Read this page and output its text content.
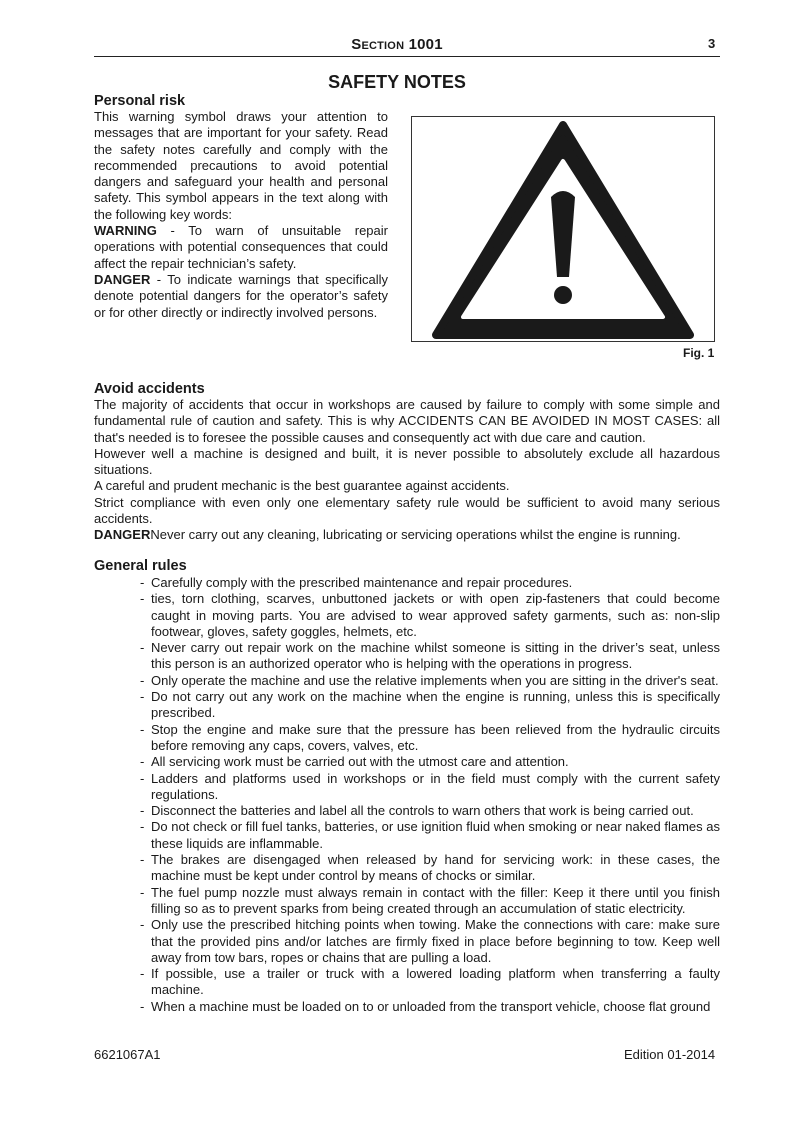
Section 1001	3
SAFETY NOTES
Personal risk

This warning symbol draws your attention to messages that are important for your safety. Read the safety notes carefully and comply with the recommended precautions to avoid potential dangers and safeguard your health and personal safety. This symbol appears in the text along with the following key words:

WARNING - To warn of unsuitable repair operations with potential consequences that could affect the repair technician’s safety.

DANGER - To indicate warnings that specifically denote potential dangers for the operator’s safety or for other directly or indirectly involved persons.

Fig. 1
Avoid accidents

The majority of accidents that occur in workshops are caused by failure to comply with some simple and fundamental rule of caution and safety. This is why ACCIDENTS CAN BE AVOIDED IN MOST CASES: all that's needed is to foresee the possible causes and consequently act with due care and caution.

However well a machine is designed and built, it is never possible to absolutely exclude all hazardous situations.

A careful and prudent mechanic is the best guarantee against accidents.

Strict compliance with even only one elementary safety rule would be sufficient to avoid many serious accidents.

DANGERNever carry out any cleaning, lubricating or servicing operations whilst the engine is running.

General rules
- Carefully comply with the prescribed maintenance and repair procedures.
- ties, torn clothing, scarves, unbuttoned jackets or with open zip-fasteners that could become caught in moving parts. You are advised to wear approved safety garments, such as: non-slip footwear, gloves, safety goggles, helmets, etc.
- Never carry out repair work on the machine whilst someone is sitting in the driver’s seat, unless this person is an authorized operator who is helping with the operations in progress.
- Only operate the machine and use the relative implements when you are sitting in the driver's seat.
- Do not carry out any work on the machine when the engine is running, unless this is specifically prescribed.
- Stop the engine and make sure that the pressure has been relieved from the hydraulic circuits before removing any caps, covers, valves, etc.
- All servicing work must be carried out with the utmost care and attention.
- Ladders and platforms used in workshops or in the field must comply with the current safety regulations.
- Disconnect the batteries and label all the controls to warn others that work is being carried out.
- Do not check or fill fuel tanks, batteries, or use ignition fluid when smoking or near naked flames as these liquids are inflammable.
- The brakes are disengaged when released by hand for servicing work: in these cases, the machine must be kept under control by means of chocks or similar.
- The fuel pump nozzle must always remain in contact with the filler: Keep it there until you finish filling so as to prevent sparks from being created through an accumulation of static electricity.
- Only use the prescribed hitching points when towing. Make the connections with care: make sure that the provided pins and/or latches are firmly fixed in place before beginning to tow. Keep well away from tow bars, ropes or chains that are pulling a load.
- If possible, use a trailer or truck with a lowered loading platform when transferring a faulty machine.
- When a machine must be loaded on to or unloaded from the transport vehicle, choose flat ground
6621067A1	Edition 01-2014
